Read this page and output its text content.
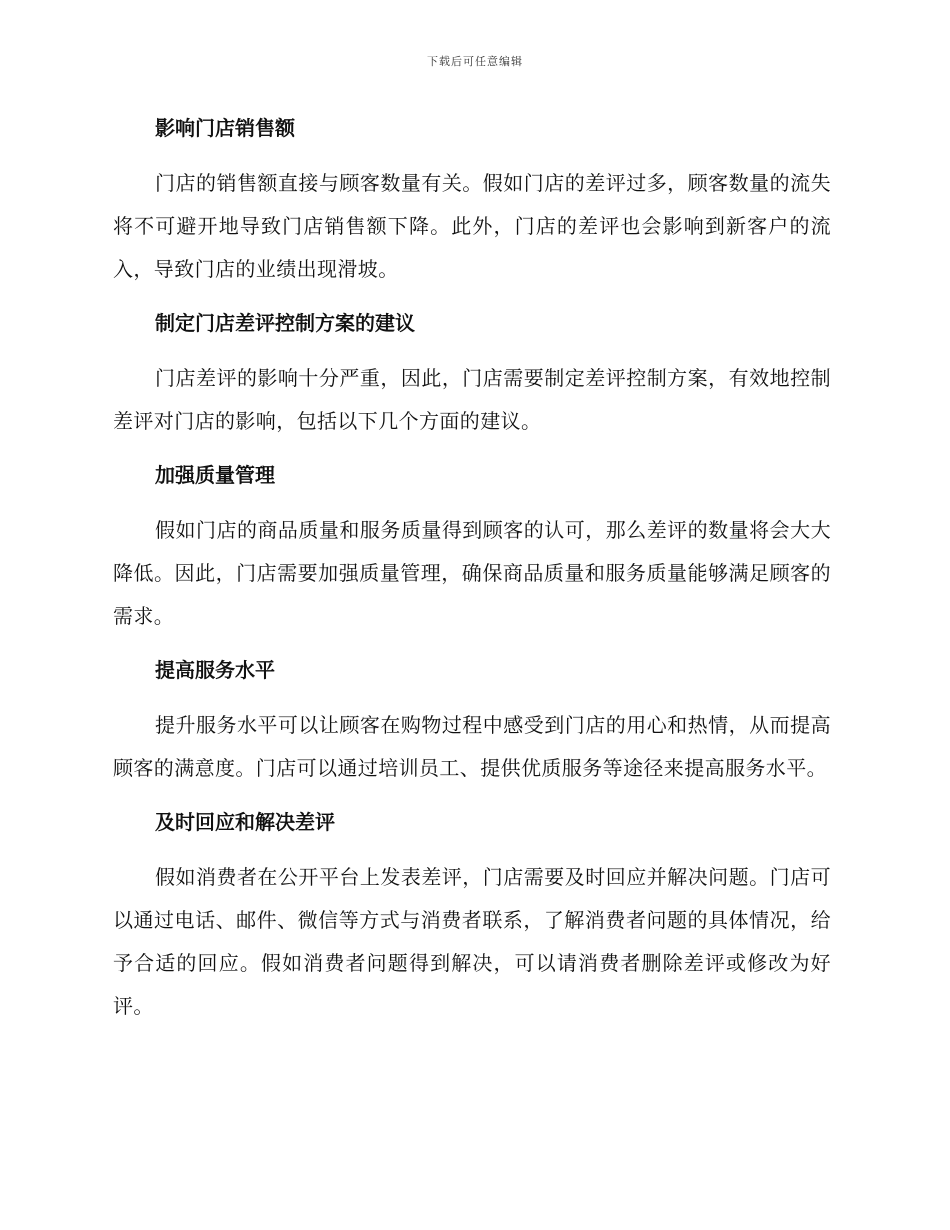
下载后可任意编辑
影响门店销售额

门店的销售额直接与顾客数量有关。假如门店的差评过多，顾客数量的流失将不可避开地导致门店销售额下降。此外，门店的差评也会影响到新客户的流入，导致门店的业绩出现滑坡。

制定门店差评控制方案的建议

门店差评的影响十分严重，因此，门店需要制定差评控制方案，有效地控制差评对门店的影响，包括以下几个方面的建议。

加强质量管理

假如门店的商品质量和服务质量得到顾客的认可，那么差评的数量将会大大降低。因此，门店需要加强质量管理，确保商品质量和服务质量能够满足顾客的需求。

提高服务水平

提升服务水平可以让顾客在购物过程中感受到门店的用心和热情，从而提高顾客的满意度。门店可以通过培训员工、提供优质服务等途径来提高服务水平。

及时回应和解决差评

假如消费者在公开平台上发表差评，门店需要及时回应并解决问题。门店可以通过电话、邮件、微信等方式与消费者联系，了解消费者问题的具体情况，给予合适的回应。假如消费者问题得到解决，可以请消费者删除差评或修改为好评。
